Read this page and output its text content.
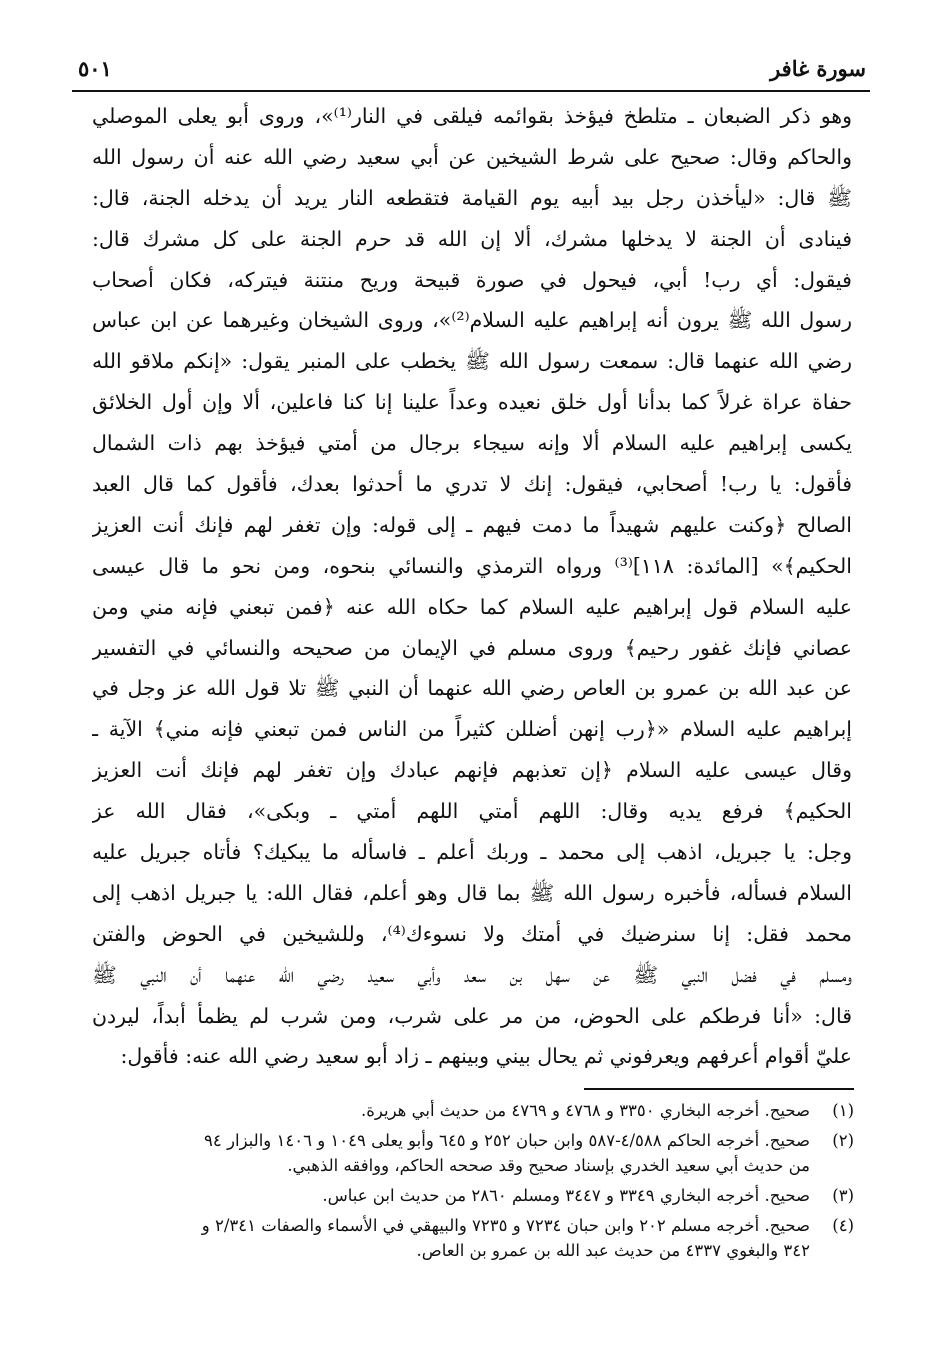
سورة غافر
٥٠١
وهو ذكر الضبعان ـ متلطخ فيؤخذ بقوائمه فيلقى في النار⁽¹⁾»، وروى أبو يعلى الموصلي
والحاكم وقال: صحيح على شرط الشيخين عن أبي سعيد رضي الله عنه أن رسول الله
ﷺ قال: «ليأخذن رجل بيد أبيه يوم القيامة فتقطعه النار يريد أن يدخله الجنة، قال:
فينادى أن الجنة لا يدخلها مشرك، ألا إن الله قد حرم الجنة على كل مشرك قال:
فيقول: أي رب! أبي، فيحول في صورة قبيحة وريح منتنة فيتركه، فكان أصحاب
رسول الله ﷺ يرون أنه إبراهيم عليه السلام⁽²⁾»، وروى الشيخان وغيرهما عن ابن عباس
رضي الله عنهما قال: سمعت رسول الله ﷺ يخطب على المنبر يقول: «إنكم ملاقو الله
حفاة عراة غرلاً كما بدأنا أول خلق نعيده وعداً علينا إنا كنا فاعلين، ألا وإن أول الخلائق
يكسى إبراهيم عليه السلام ألا وإنه سيجاء برجال من أمتي فيؤخذ بهم ذات الشمال
فأقول: يا رب! أصحابي، فيقول: إنك لا تدري ما أحدثوا بعدك، فأقول كما قال العبد
الصالح ﴿وكنت عليهم شهيداً ما دمت فيهم ـ إلى قوله: وإن تغفر لهم فإنك أنت العزيز
الحكيم﴾» [المائدة: ١١٨]⁽³⁾ ورواه الترمذي والنسائي بنحوه، ومن نحو ما قال عيسى
عليه السلام قول إبراهيم عليه السلام كما حكاه الله عنه ﴿فمن تبعني فإنه مني ومن
عصاني فإنك غفور رحيم﴾ وروى مسلم في الإيمان من صحيحه والنسائي في التفسير
عن عبد الله بن عمرو بن العاص رضي الله عنهما أن النبي ﷺ تلا قول الله عز وجل في
إبراهيم عليه السلام «﴿رب إنهن أضللن كثيراً من الناس فمن تبعني فإنه مني﴾ الآية ـ
وقال عيسى عليه السلام ﴿إن تعذبهم فإنهم عبادك وإن تغفر لهم فإنك أنت العزيز
الحكيم﴾ فرفع يديه وقال: اللهم أمتي اللهم أمتي ـ وبكى»، فقال الله عز
وجل: يا جبريل، اذهب إلى محمد ـ وربك أعلم ـ فاسأله ما يبكيك؟ فأتاه جبريل عليه
السلام فسأله، فأخبره رسول الله ﷺ بما قال وهو أعلم، فقال الله: يا جبريل اذهب إلى
محمد فقل: إنا سنرضيك في أمتك ولا نسوءك⁽⁴⁾، وللشيخين في الحوض والفتن
ومسلم في فضل النبي ﷺ عن سهل بن سعد وأبي سعيد رضي الله عنهما أن النبي ﷺ
قال: «أنا فرطكم على الحوض، من مر على شرب، ومن شرب لم يظمأ أبداً، ليردن
عليّ أقوام أعرفهم ويعرفوني ثم يحال بيني وبينهم ـ زاد أبو سعيد رضي الله عنه: فأقول:
(١)
صحيح. أخرجه البخاري ٣٣٥٠ و ٤٧٦٨ و ٤٧٦٩ من حديث أبي هريرة.
(٢)
صحيح. أخرجه الحاكم ٤/٥٨٨-٥٨٧ وابن حبان ٢٥٢ و ٦٤٥ وأبو يعلى ١٠٤٩ و ١٤٠٦ والبزار ٩٤
من حديث أبي سعيد الخدري بإسناد صحيح وقد صححه الحاكم، ووافقه الذهبي.
(٣)
صحيح. أخرجه البخاري ٣٣٤٩ و ٣٤٤٧ ومسلم ٢٨٦٠ من حديث ابن عباس.
(٤)
صحيح. أخرجه مسلم ٢٠٢ وابن حبان ٧٢٣٤ و ٧٢٣٥ والبيهقي في الأسماء والصفات ٢/٣٤١ و
٣٤٢ والبغوي ٤٣٣٧ من حديث عبد الله بن عمرو بن العاص.
